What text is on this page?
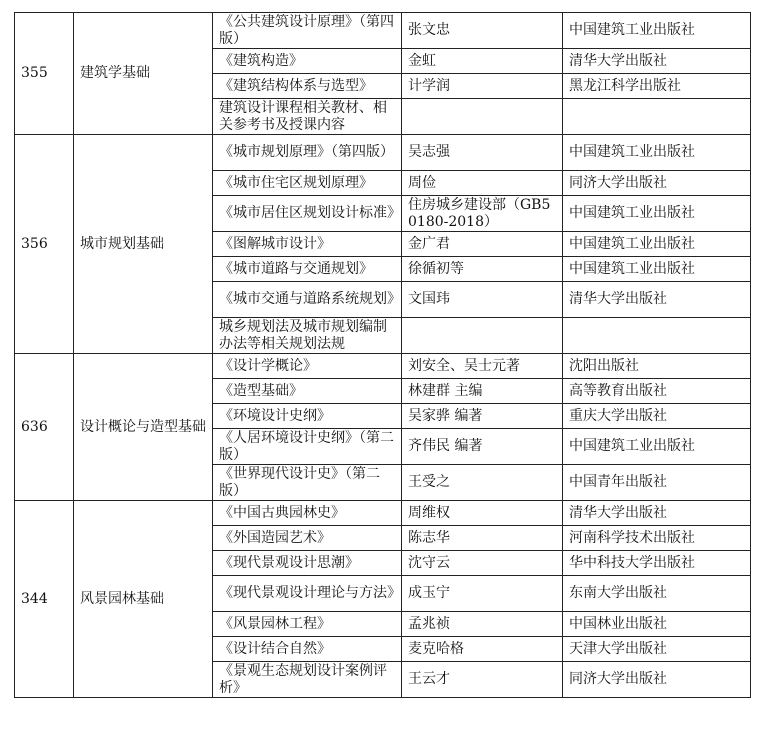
355	建筑学基础	《公共建筑设计原理》（第四版）	张文忠	中国建筑工业出版社
		《建筑构造》	金虹	清华大学出版社
		《建筑结构体系与选型》	计学润	黑龙江科学出版社
		建筑设计课程相关教材、相关参考书及授课内容		
356	城市规划基础	《城市规划原理》（第四版）	吴志强	中国建筑工业出版社
		《城市住宅区规划原理》	周俭	同济大学出版社
		《城市居住区规划设计标准》	住房城乡建设部（GB50180-2018）	中国建筑工业出版社
		《图解城市设计》	金广君	中国建筑工业出版社
		《城市道路与交通规划》	徐循初等	中国建筑工业出版社
		《城市交通与道路系统规划》	文国玮	清华大学出版社
		城乡规划法及城市规划编制办法等相关规划法规		
636	设计概论与造型基础	《设计学概论》	刘安全、吴士元著	沈阳出版社
		《造型基础》	林建群 主编	高等教育出版社
		《环境设计史纲》	吴家骅 编著	重庆大学出版社
		《人居环境设计史纲》（第二版）	齐伟民 编著	中国建筑工业出版社
		《世界现代设计史》（第二版）	王受之	中国青年出版社
344	风景园林基础	《中国古典园林史》	周维权	清华大学出版社
		《外国造园艺术》	陈志华	河南科学技术出版社
		《现代景观设计思潮》	沈守云	华中科技大学出版社
		《现代景观设计理论与方法》	成玉宁	东南大学出版社
		《风景园林工程》	孟兆祯	中国林业出版社
		《设计结合自然》	麦克哈格	天津大学出版社
		《景观生态规划设计案例评析》	王云才	同济大学出版社
